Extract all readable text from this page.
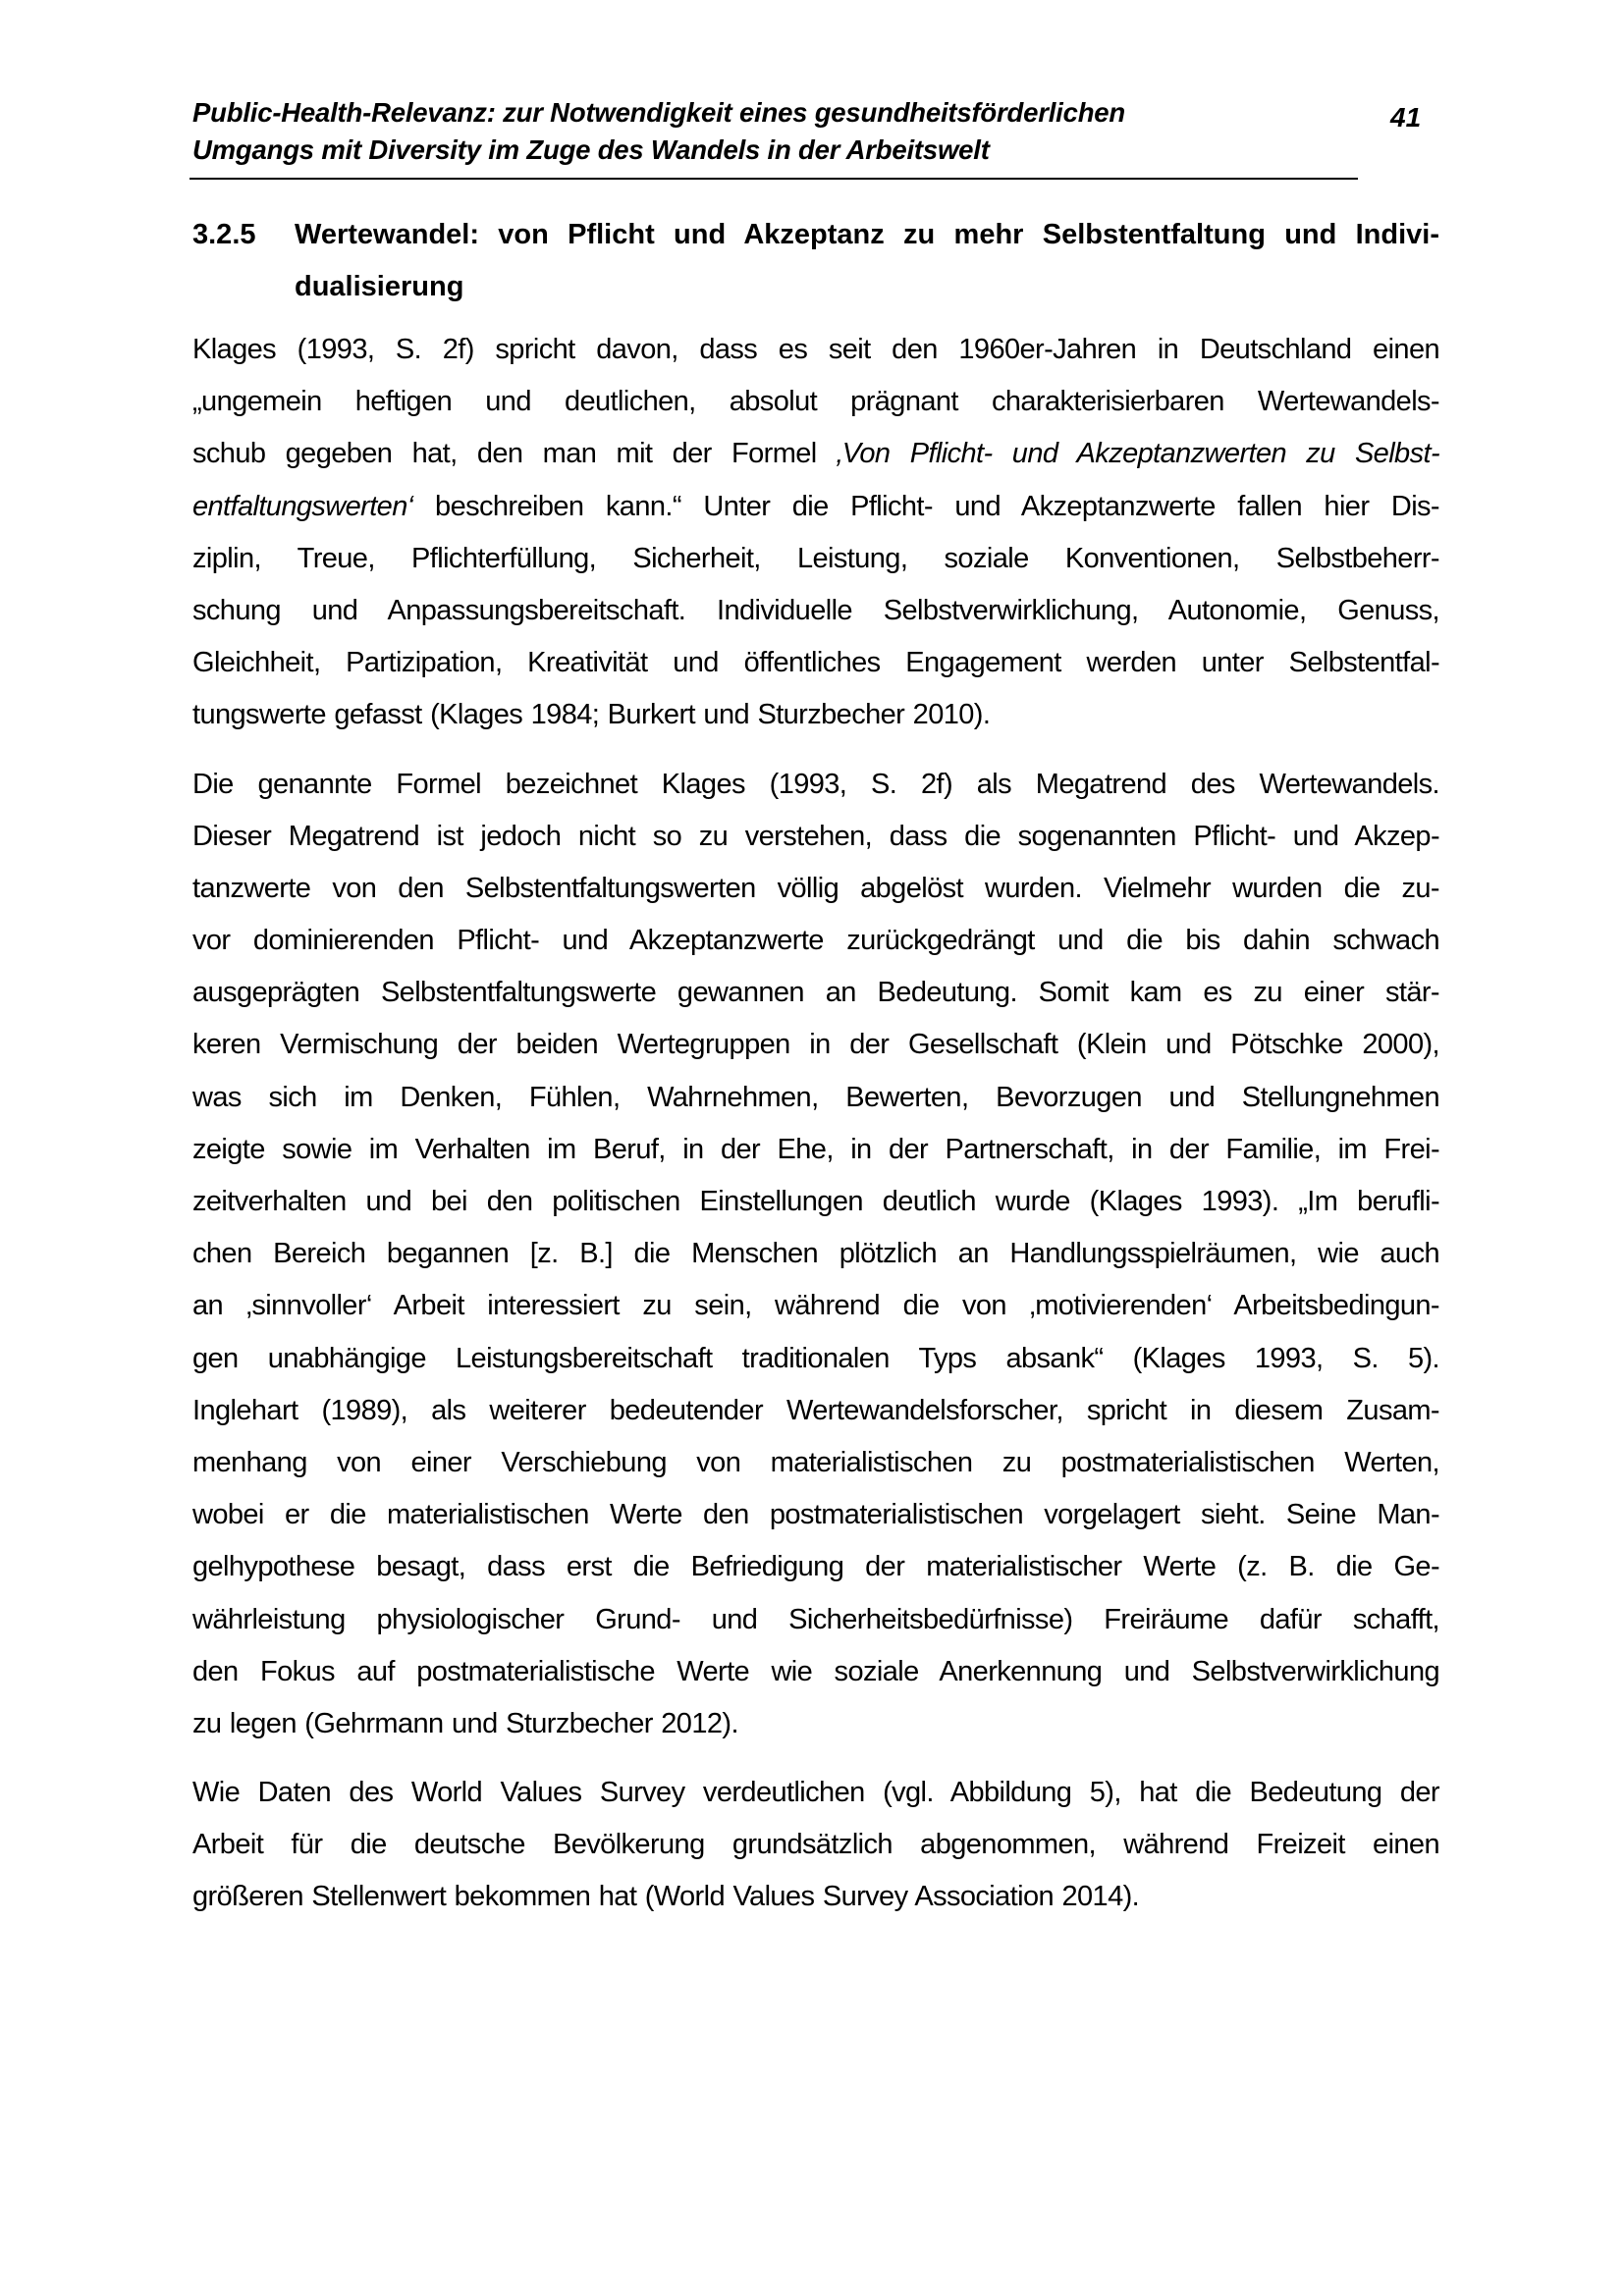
Public-Health-Relevanz: zur Notwendigkeit eines gesundheitsförderlichen
Umgangs mit Diversity im Zuge des Wandels in der Arbeitswelt
41
3.2.5	Wertewandel: von Pflicht und Akzeptanz zu mehr Selbstentfaltung und Indivi-
dualisierung

Klages (1993, S. 2f) spricht davon, dass es seit den 1960er-Jahren in Deutschland einen
„ungemein heftigen und deutlichen, absolut prägnant charakterisierbaren Wertewandels-
schub gegeben hat, den man mit der Formel ‚Von Pflicht- und Akzeptanzwerten zu Selbst-
entfaltungswerten‘ beschreiben kann.“ Unter die Pflicht- und Akzeptanzwerte fallen hier Dis-
ziplin, Treue, Pflichterfüllung, Sicherheit, Leistung, soziale Konventionen, Selbstbeherr-
schung und Anpassungsbereitschaft. Individuelle Selbstverwirklichung, Autonomie, Genuss,
Gleichheit, Partizipation, Kreativität und öffentliches Engagement werden unter Selbstentfal-
tungswerte gefasst (Klages 1984; Burkert und Sturzbecher 2010).

Die genannte Formel bezeichnet Klages (1993, S. 2f) als Megatrend des Wertewandels.
Dieser Megatrend ist jedoch nicht so zu verstehen, dass die sogenannten Pflicht- und Akzep-
tanzwerte von den Selbstentfaltungswerten völlig abgelöst wurden. Vielmehr wurden die zu-
vor dominierenden Pflicht- und Akzeptanzwerte zurückgedrängt und die bis dahin schwach
ausgeprägten Selbstentfaltungswerte gewannen an Bedeutung. Somit kam es zu einer stär-
keren Vermischung der beiden Wertegruppen in der Gesellschaft (Klein und Pötschke 2000),
was sich im Denken, Fühlen, Wahrnehmen, Bewerten, Bevorzugen und Stellungnehmen
zeigte sowie im Verhalten im Beruf, in der Ehe, in der Partnerschaft, in der Familie, im Frei-
zeitverhalten und bei den politischen Einstellungen deutlich wurde (Klages 1993). „Im berufli-
chen Bereich begannen [z. B.] die Menschen plötzlich an Handlungsspielräumen, wie auch
an ‚sinnvoller‘ Arbeit interessiert zu sein, während die von ‚motivierenden‘ Arbeitsbedingun-
gen unabhängige Leistungsbereitschaft traditionalen Typs absank“ (Klages 1993, S. 5).
Inglehart (1989), als weiterer bedeutender Wertewandelsforscher, spricht in diesem Zusam-
menhang von einer Verschiebung von materialistischen zu postmaterialistischen Werten,
wobei er die materialistischen Werte den postmaterialistischen vorgelagert sieht. Seine Man-
gelhypothese besagt, dass erst die Befriedigung der materialistischer Werte (z. B. die Ge-
währleistung physiologischer Grund- und Sicherheitsbedürfnisse) Freiräume dafür schafft,
den Fokus auf postmaterialistische Werte wie soziale Anerkennung und Selbstverwirklichung
zu legen (Gehrmann und Sturzbecher 2012).

Wie Daten des World Values Survey verdeutlichen (vgl. Abbildung 5), hat die Bedeutung der
Arbeit für die deutsche Bevölkerung grundsätzlich abgenommen, während Freizeit einen
größeren Stellenwert bekommen hat (World Values Survey Association 2014).
